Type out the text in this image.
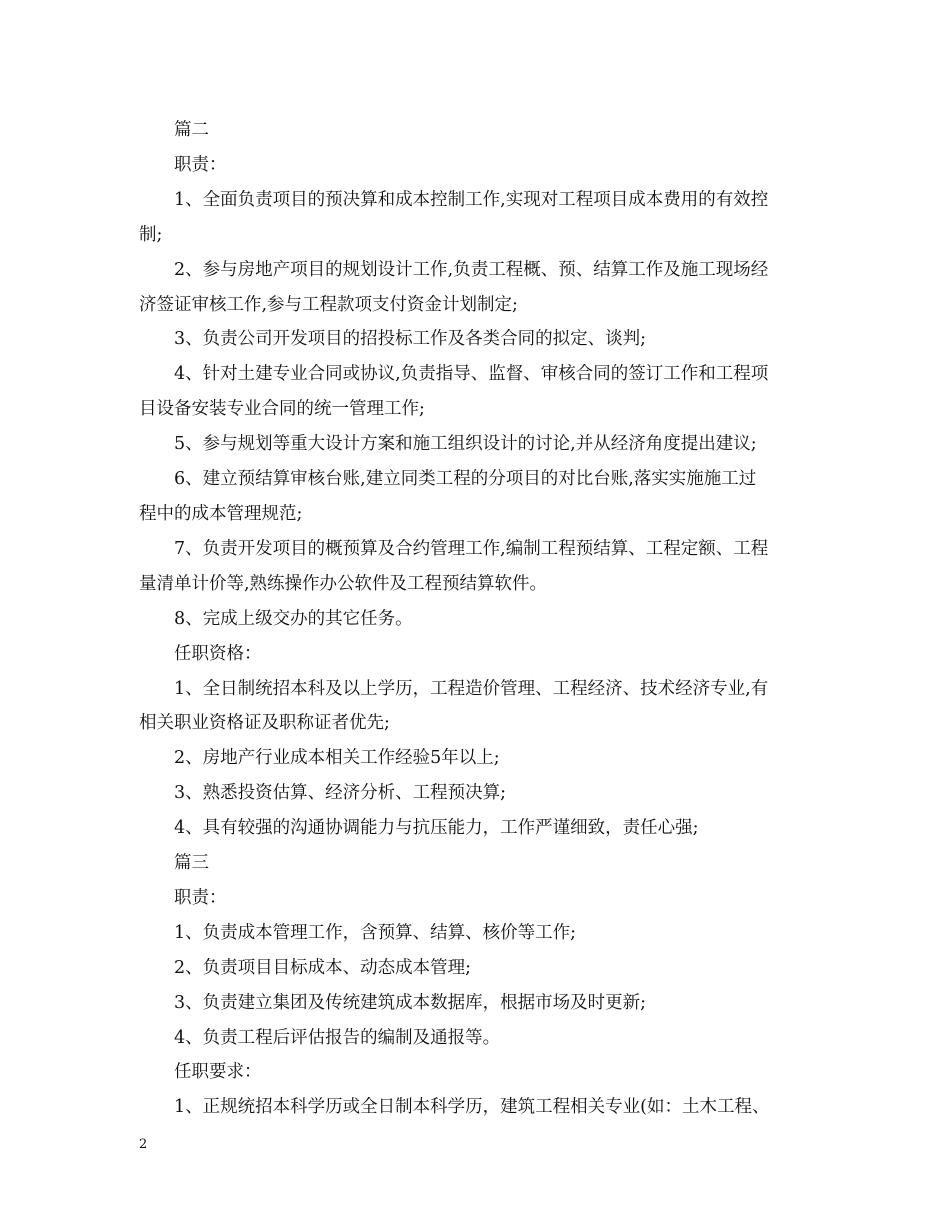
篇二

职责：

1、全面负责项目的预决算和成本控制工作,实现对工程项目成本费用的有效控

制;

2、参与房地产项目的规划设计工作,负责工程概、预、结算工作及施工现场经

济签证审核工作,参与工程款项支付资金计划制定;

3、负责公司开发项目的招投标工作及各类合同的拟定、谈判;

4、针对土建专业合同或协议,负责指导、监督、审核合同的签订工作和工程项

目设备安装专业合同的统一管理工作;

5、参与规划等重大设计方案和施工组织设计的讨论,并从经济角度提出建议;

6、建立预结算审核台账,建立同类工程的分项目的对比台账,落实实施施工过

程中的成本管理规范;

7、负责开发项目的概预算及合约管理工作,编制工程预结算、工程定额、工程

量清单计价等,熟练操作办公软件及工程预结算软件。

8、完成上级交办的其它任务。

任职资格：

1、全日制统招本科及以上学历，工程造价管理、工程经济、技术经济专业,有

相关职业资格证及职称证者优先;

2、房地产行业成本相关工作经验5年以上;

3、熟悉投资估算、经济分析、工程预决算;

4、具有较强的沟通协调能力与抗压能力，工作严谨细致，责任心强;

篇三

职责：

1、负责成本管理工作，含预算、结算、核价等工作;

2、负责项目目标成本、动态成本管理;

3、负责建立集团及传统建筑成本数据库，根据市场及时更新;

4、负责工程后评估报告的编制及通报等。

任职要求：

1、正规统招本科学历或全日制本科学历，建筑工程相关专业(如：土木工程、

2
